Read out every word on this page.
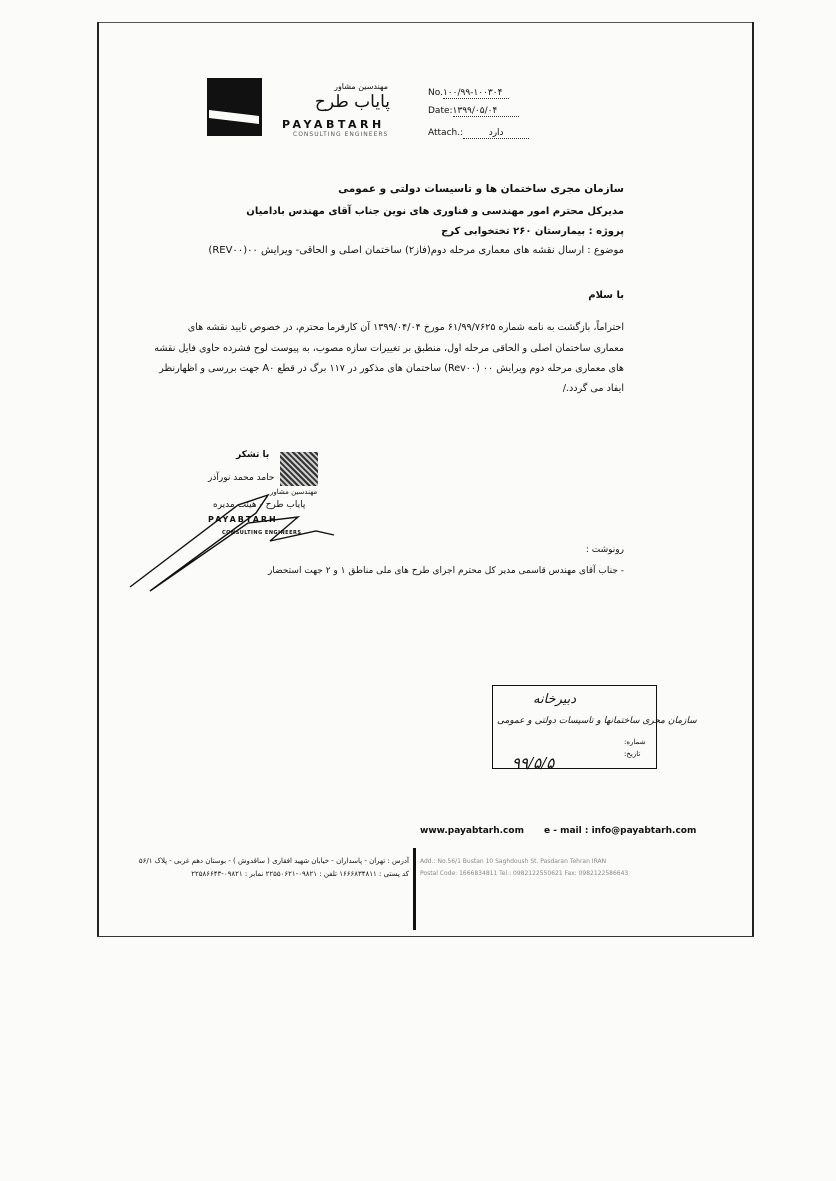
مهندسین مشاور
پایاب طرح
PAYABTARH
CONSULTING ENGINEERS
No.۱۰۰/۹۹-۱۰۰۳۰۴
Date:۱۳۹۹/۰۵/۰۴
Attach.:	دارد
سازمان مجری ساختمان ها و تاسیسات دولتی و عمومی
مدیرکل محترم امور مهندسی و فناوری های نوین جناب آقای مهندس بادامیان
پروژه : بیمارستان ۲۶۰ تختخوابی کرج
موضوع : ارسال نقشه های معماری مرحله دوم(فاز۲) ساختمان اصلی و الحاقی- ویرایش ۰۰(REV۰۰)
با سلام
احتراماً، بازگشت به نامه شماره ۶۱/۹۹/۷۶۲۵ مورخ ۱۳۹۹/۰۴/۰۴ آن کارفرما محترم، در خصوص تایید نقشه های
معماری ساختمان اصلی و الحاقی مرحله اول، منطبق بر تغییرات سازه مصوب، به پیوست لوح فشرده حاوی فایل نقشه
های معماری مرحله دوم ویرایش ۰۰ (Rev۰۰) ساختمان های مذکور در ۱۱۷ برگ در قطع A۰ جهت بررسی و اظهارنظر
ایفاد می گردد./
با تشکر
حامد محمد نورآذر
مهندسین مشاور
پایاب طرح - هیئت مدیره
PAYABTARH
CONSULTING ENGINEERS
رونوشت :
- جناب آقای مهندس قاسمی مدیر کل محترم اجرای طرح های ملی مناطق ۱ و ۲ جهت استحضار
دبیرخانه
سازمان مجری ساختمانها و تاسیسات دولتی و عمومی
شماره:
تاریخ:
۹۹/۵/۵
www.payabtarh.com e - mail : info@payabtarh.com
آدرس : تهران - پاسداران - خیابان شهید افقاری ( ساقدوش ) - بوستان دهم غربی - پلاک ۵۶/۱
کد پستی : ۱۶۶۶۸۳۴۸۱۱ تلفن : ۰۹۸۲۱-۲۲۵۵۰۶۲۱ نمابر : ۰۹۸۲۱-۲۲۵۸۶۶۴۳
Add.: No.56/1 Bustan 10 Saghdoush St. Pasdaran Tehran IRAN
Postal Code: 1666834811 Tel.: 0982122550621 Fax: 0982122586643
